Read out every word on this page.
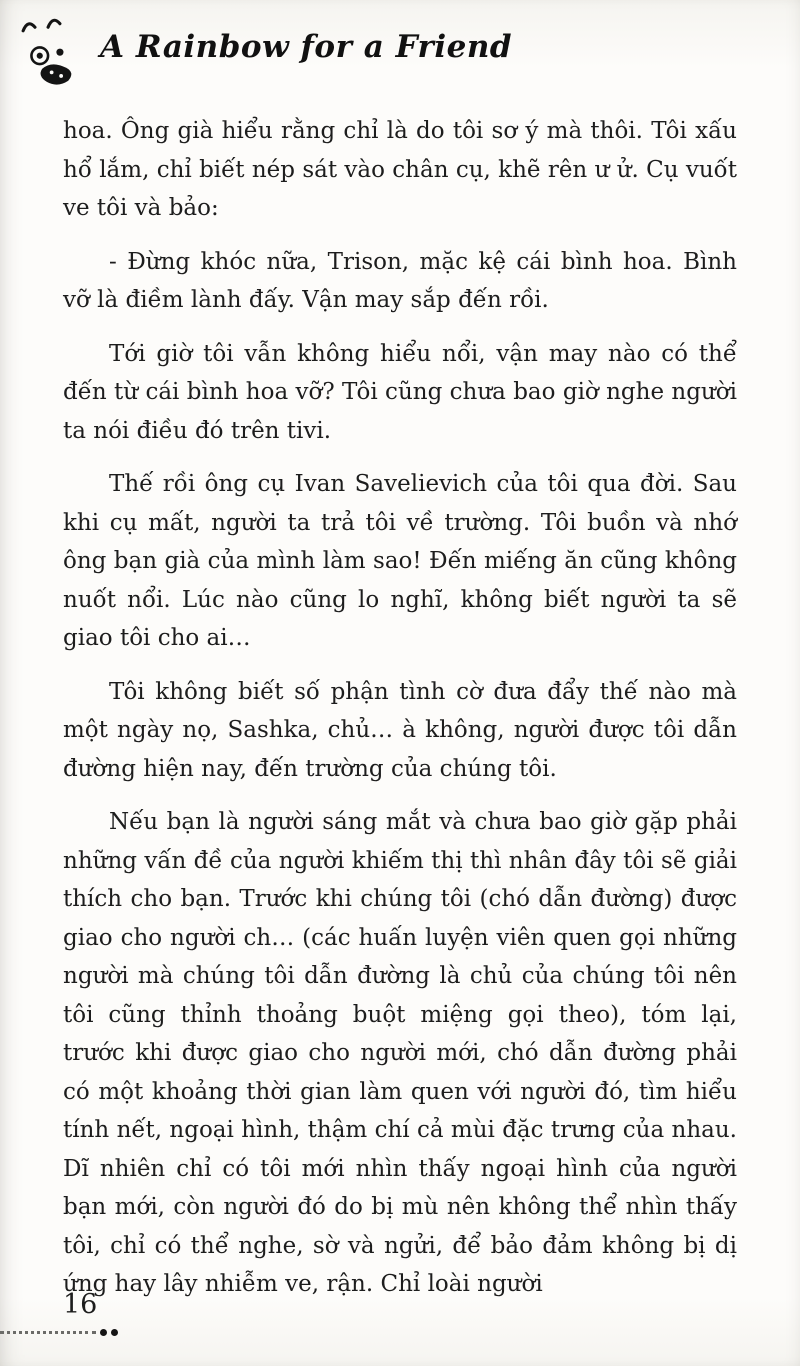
A Rainbow for a Friend

hoa. Ông già hiểu rằng chỉ là do tôi sơ ý mà thôi. Tôi xấu hổ lắm, chỉ biết nép sát vào chân cụ, khẽ rên ư ử. Cụ vuốt ve tôi và bảo:

- Đừng khóc nữa, Trison, mặc kệ cái bình hoa. Bình vỡ là điềm lành đấy. Vận may sắp đến rồi.

Tới giờ tôi vẫn không hiểu nổi, vận may nào có thể đến từ cái bình hoa vỡ? Tôi cũng chưa bao giờ nghe người ta nói điều đó trên tivi.

Thế rồi ông cụ Ivan Savelievich của tôi qua đời. Sau khi cụ mất, người ta trả tôi về trường. Tôi buồn và nhớ ông bạn già của mình làm sao! Đến miếng ăn cũng không nuốt nổi. Lúc nào cũng lo nghĩ, không biết người ta sẽ giao tôi cho ai…

Tôi không biết số phận tình cờ đưa đẩy thế nào mà một ngày nọ, Sashka, chủ… à không, người được tôi dẫn đường hiện nay, đến trường của chúng tôi.

Nếu bạn là người sáng mắt và chưa bao giờ gặp phải những vấn đề của người khiếm thị thì nhân đây tôi sẽ giải thích cho bạn. Trước khi chúng tôi (chó dẫn đường) được giao cho người ch… (các huấn luyện viên quen gọi những người mà chúng tôi dẫn đường là chủ của chúng tôi nên tôi cũng thỉnh thoảng buột miệng gọi theo), tóm lại, trước khi được giao cho người mới, chó dẫn đường phải có một khoảng thời gian làm quen với người đó, tìm hiểu tính nết, ngoại hình, thậm chí cả mùi đặc trưng của nhau. Dĩ nhiên chỉ có tôi mới nhìn thấy ngoại hình của người bạn mới, còn người đó do bị mù nên không thể nhìn thấy tôi, chỉ có thể nghe, sờ và ngửi, để bảo đảm không bị dị ứng hay lây nhiễm ve, rận. Chỉ loài người

16
